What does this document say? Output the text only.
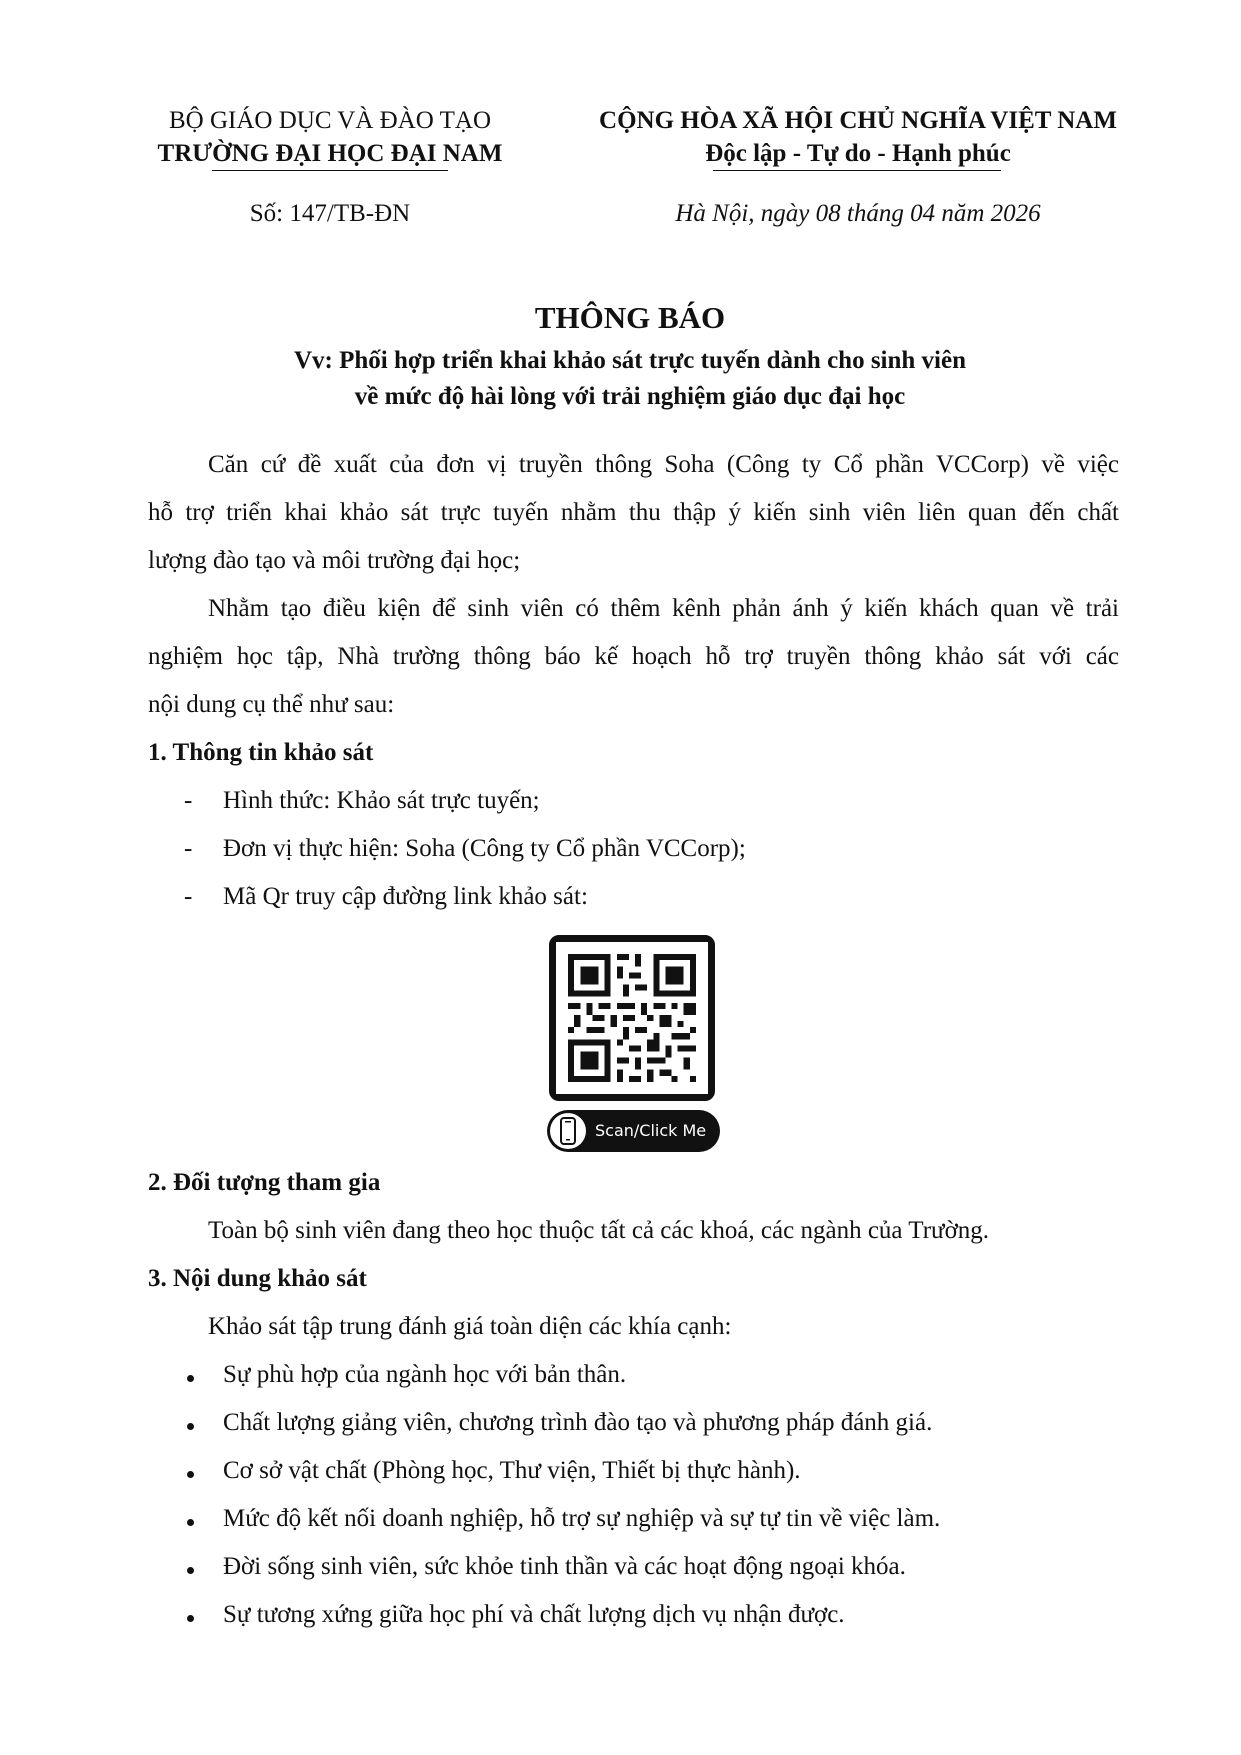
BỘ GIÁO DỤC VÀ ĐÀO TẠO
TRƯỜNG ĐẠI HỌC ĐẠI NAM
CỘNG HÒA XÃ HỘI CHỦ NGHĨA VIỆT NAM
Độc lập - Tự do - Hạnh phúc
Số: 147/TB-ĐN	Hà Nội, ngày 08 tháng 04 năm 2026
THÔNG BÁO
Vv: Phối hợp triển khai khảo sát trực tuyến dành cho sinh viên
về mức độ hài lòng với trải nghiệm giáo dục đại học
Căn cứ đề xuất của đơn vị truyền thông Soha (Công ty Cổ phần VCCorp) về việc
hỗ trợ triển khai khảo sát trực tuyến nhằm thu thập ý kiến sinh viên liên quan đến chất
lượng đào tạo và môi trường đại học;
Nhằm tạo điều kiện để sinh viên có thêm kênh phản ánh ý kiến khách quan về trải
nghiệm học tập, Nhà trường thông báo kế hoạch hỗ trợ truyền thông khảo sát với các
nội dung cụ thể như sau:
1. Thông tin khảo sát
- Hình thức: Khảo sát trực tuyến;
- Đơn vị thực hiện: Soha (Công ty Cổ phần VCCorp);
- Mã Qr truy cập đường link khảo sát:
Scan/Click Me
2. Đối tượng tham gia
Toàn bộ sinh viên đang theo học thuộc tất cả các khoá, các ngành của Trường.
3. Nội dung khảo sát
Khảo sát tập trung đánh giá toàn diện các khía cạnh:
Sự phù hợp của ngành học với bản thân.
Chất lượng giảng viên, chương trình đào tạo và phương pháp đánh giá.
Cơ sở vật chất (Phòng học, Thư viện, Thiết bị thực hành).
Mức độ kết nối doanh nghiệp, hỗ trợ sự nghiệp và sự tự tin về việc làm.
Đời sống sinh viên, sức khỏe tinh thần và các hoạt động ngoại khóa.
Sự tương xứng giữa học phí và chất lượng dịch vụ nhận được.
